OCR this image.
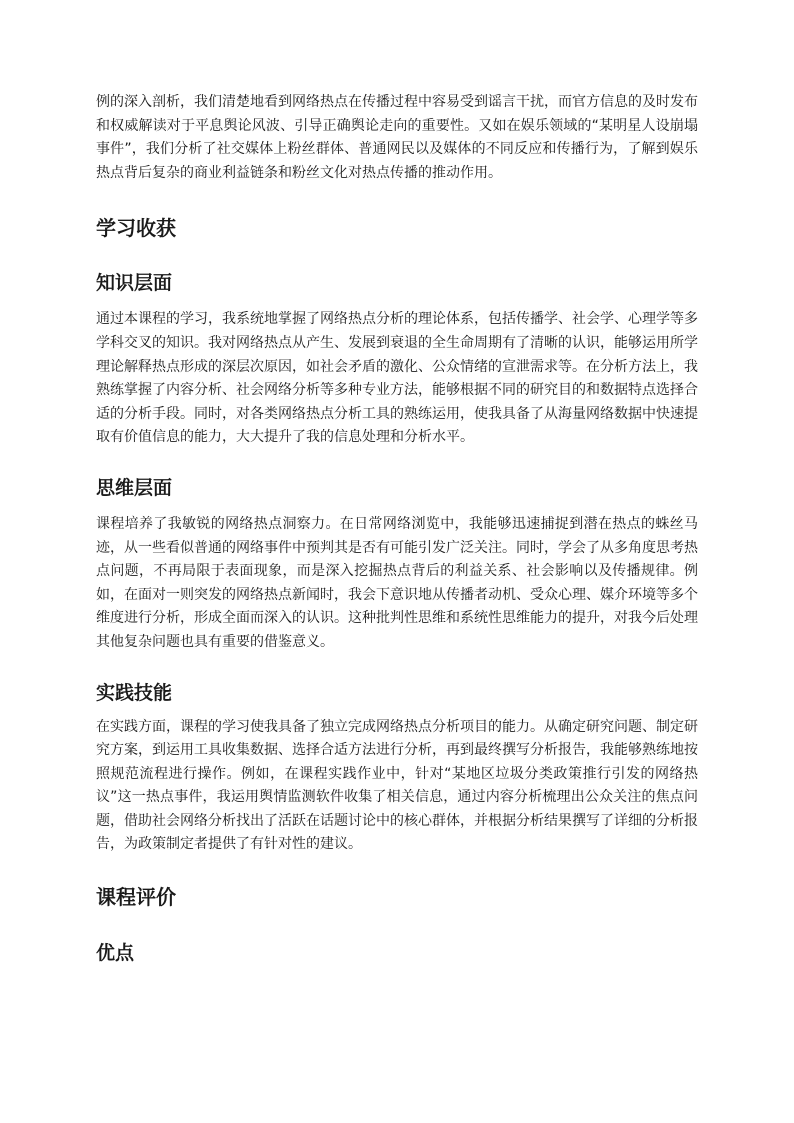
例的深入剖析，我们清楚地看到网络热点在传播过程中容易受到谣言干扰，而官方信息的及时发布和权威解读对于平息舆论风波、引导正确舆论走向的重要性。又如在娱乐领域的“某明星人设崩塌事件”，我们分析了社交媒体上粉丝群体、普通网民以及媒体的不同反应和传播行为，了解到娱乐热点背后复杂的商业利益链条和粉丝文化对热点传播的推动作用。

学习收获
知识层面

通过本课程的学习，我系统地掌握了网络热点分析的理论体系，包括传播学、社会学、心理学等多学科交叉的知识。我对网络热点从产生、发展到衰退的全生命周期有了清晰的认识，能够运用所学理论解释热点形成的深层次原因，如社会矛盾的激化、公众情绪的宣泄需求等。在分析方法上，我熟练掌握了内容分析、社会网络分析等多种专业方法，能够根据不同的研究目的和数据特点选择合适的分析手段。同时，对各类网络热点分析工具的熟练运用，使我具备了从海量网络数据中快速提取有价值信息的能力，大大提升了我的信息处理和分析水平。

思维层面

课程培养了我敏锐的网络热点洞察力。在日常网络浏览中，我能够迅速捕捉到潜在热点的蛛丝马迹，从一些看似普通的网络事件中预判其是否有可能引发广泛关注。同时，学会了从多角度思考热点问题，不再局限于表面现象，而是深入挖掘热点背后的利益关系、社会影响以及传播规律。例如，在面对一则突发的网络热点新闻时，我会下意识地从传播者动机、受众心理、媒介环境等多个维度进行分析，形成全面而深入的认识。这种批判性思维和系统性思维能力的提升，对我今后处理其他复杂问题也具有重要的借鉴意义。

实践技能

在实践方面，课程的学习使我具备了独立完成网络热点分析项目的能力。从确定研究问题、制定研究方案，到运用工具收集数据、选择合适方法进行分析，再到最终撰写分析报告，我能够熟练地按照规范流程进行操作。例如，在课程实践作业中，针对“某地区垃圾分类政策推行引发的网络热议”这一热点事件，我运用舆情监测软件收集了相关信息，通过内容分析梳理出公众关注的焦点问题，借助社会网络分析找出了活跃在话题讨论中的核心群体，并根据分析结果撰写了详细的分析报告，为政策制定者提供了有针对性的建议。

课程评价
优点
